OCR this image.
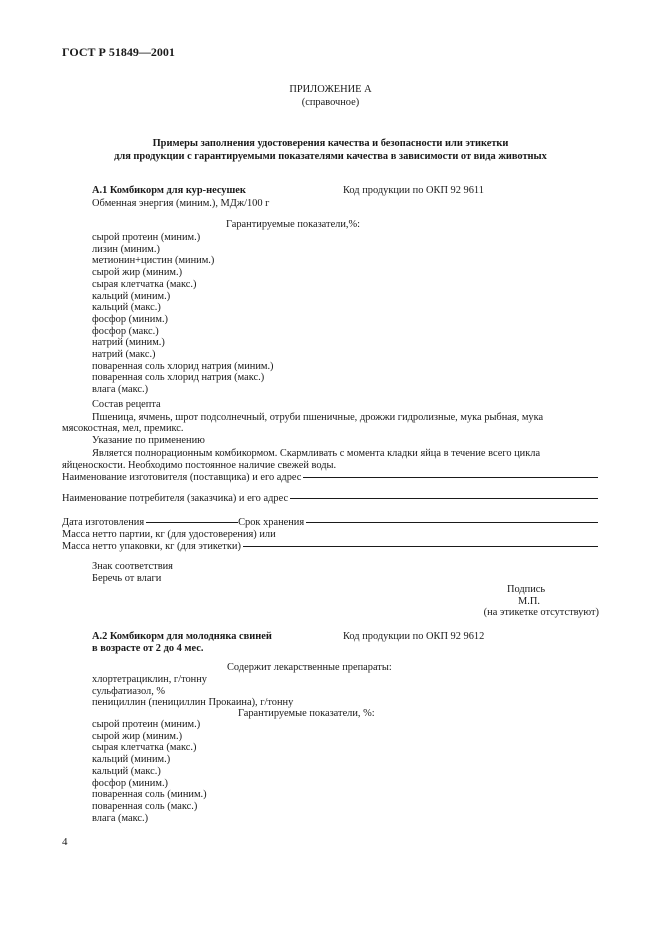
ГОСТ Р 51849—2001
ПРИЛОЖЕНИЕ А
(справочное)
Примеры заполнения удостоверения качества и безопасности или этикетки
для продукции с гарантируемыми показателями качества в зависимости от вида животных
А.1 Комбикорм для кур-несушек	Код продукции по ОКП 92 9611
Обменная энергия (миним.), МДж/100 г
Гарантируемые показатели,%:
сырой протеин (миним.)
лизин (миним.)
метионин+цистин (миним.)
сырой жир (миним.)
сырая клетчатка (макс.)
кальций (миним.)
кальций (макс.)
фосфор (миним.)
фосфор (макс.)
натрий (миним.)
натрий (макс.)
поваренная соль хлорид натрия (миним.)
поваренная соль хлорид натрия (макс.)
влага (макс.)
Состав рецепта
Пшеница, ячмень, шрот подсолнечный, отруби пшеничные, дрожжи гидролизные, мука рыбная, мука
мясокостная, мел, премикс.
Указание по применению
Является полнорационным комбикормом. Скармливать с момента кладки яйца в течение всего цикла
яйценоскости. Необходимо постоянное наличие свежей воды.
Наименование изготовителя (поставщика) и его адрес
Наименование потребителя (заказчика) и его адрес
Дата изготовления	Срок хранения
Масса нетто партии, кг (для удостоверения) или
Масса нетто упаковки, кг (для этикетки)
Знак соответствия
Беречь от влаги
Подпись
М.П.
(на этикетке отсутствуют)
А.2 Комбикорм для молодняка свиней
в возрасте от 2 до 4 мес.
Код продукции по ОКП 92 9612
Содержит лекарственные препараты:
хлортетрациклин, г/тонну
сульфатиазол, %
пенициллин (пенициллин Прокаина), г/тонну
Гарантируемые показатели, %:
сырой протеин (миним.)
сырой жир (миним.)
сырая клетчатка (макс.)
кальций (миним.)
кальций (макс.)
фосфор (миним.)
поваренная соль (миним.)
поваренная соль (макс.)
влага (макс.)
4
